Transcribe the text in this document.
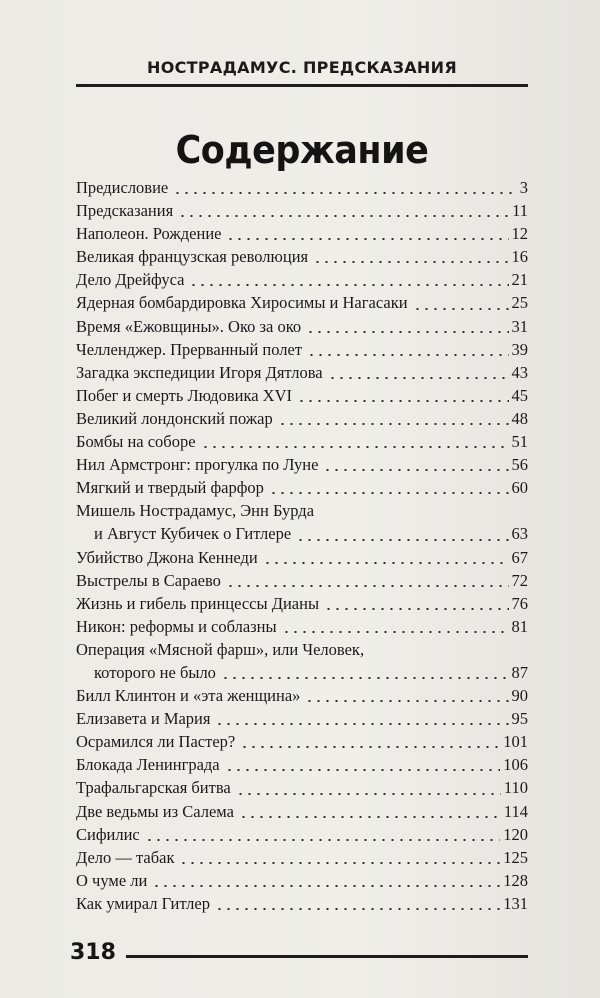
НОСТРАДАМУС. ПРЕДСКАЗАНИЯ
Содержание
Предисловие	3
Предсказания	11
Наполеон. Рождение	12
Великая французская революция	16
Дело Дрейфуса	21
Ядерная бомбардировка Хиросимы и Нагасаки	25
Время «Ежовщины». Око за око	31
Челленджер. Прерванный полет	39
Загадка экспедиции Игоря Дятлова	43
Побег и смерть Людовика XVI	45
Великий лондонский пожар	48
Бомбы на соборе	51
Нил Армстронг: прогулка по Луне	56
Мягкий и твердый фарфор	60
Мишель Нострадамус, Энн Бурда
и Август Кубичек о Гитлере	63
Убийство Джона Кеннеди	67
Выстрелы в Сараево	72
Жизнь и гибель принцессы Дианы	76
Никон: реформы и соблазны	81
Операция «Мясной фарш», или Человек,
которого не было	87
Билл Клинтон и «эта женщина»	90
Елизавета и Мария	95
Осрамился ли Пастер?	101
Блокада Ленинграда	106
Трафальгарская битва	110
Две ведьмы из Салема	114
Сифилис	120
Дело — табак	125
О чуме ли	128
Как умирал Гитлер	131
318
